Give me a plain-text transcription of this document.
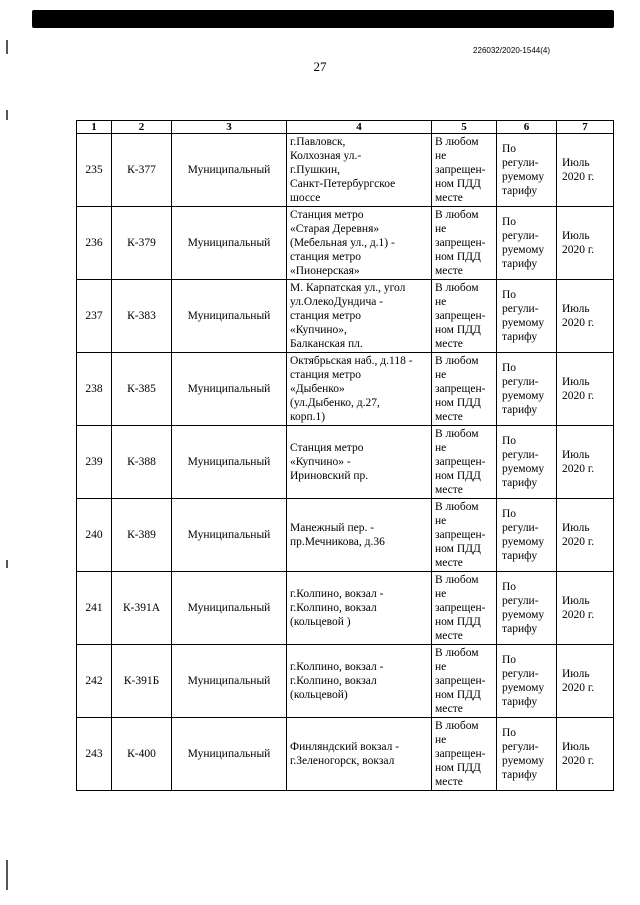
226032/2020-1544(4)
27
1	2	3	4	5	6	7
235	К-377	Муниципальный	г.Павловск,
Колхозная ул.-
г.Пушкин,
Санкт-Петербургское
шоссе	В любом
не
запрещен-
ном ПДД
месте	По
регули-
руемому
тарифу	Июль
2020 г.
236	К-379	Муниципальный	Станция метро
«Старая Деревня»
(Мебельная ул., д.1) -
станция метро
«Пионерская»	В любом
не
запрещен-
ном ПДД
месте	По
регули-
руемому
тарифу	Июль
2020 г.
237	К-383	Муниципальный	М. Карпатская ул., угол
ул.ОлекоДундича -
станция метро
«Купчино»,
Балканская пл.	В любом
не
запрещен-
ном ПДД
месте	По
регули-
руемому
тарифу	Июль
2020 г.
238	К-385	Муниципальный	Октябрьская наб., д.118 -
станция метро
«Дыбенко»
(ул.Дыбенко, д.27,
корп.1)	В любом
не
запрещен-
ном ПДД
месте	По
регули-
руемому
тарифу	Июль
2020 г.
239	К-388	Муниципальный	Станция метро
«Купчино» -
Ириновский пр.	В любом
не
запрещен-
ном ПДД
месте	По
регули-
руемому
тарифу	Июль
2020 г.
240	К-389	Муниципальный	Манежный пер. -
пр.Мечникова, д.36	В любом
не
запрещен-
ном ПДД
месте	По
регули-
руемому
тарифу	Июль
2020 г.
241	К-391А	Муниципальный	г.Колпино, вокзал -
г.Колпино, вокзал
(кольцевой )	В любом
не
запрещен-
ном ПДД
месте	По
регули-
руемому
тарифу	Июль
2020 г.
242	К-391Б	Муниципальный	г.Колпино, вокзал -
г.Колпино, вокзал
(кольцевой)	В любом
не
запрещен-
ном ПДД
месте	По
регули-
руемому
тарифу	Июль
2020 г.
243	К-400	Муниципальный	Финляндский вокзал -
г.Зеленогорск, вокзал	В любом
не
запрещен-
ном ПДД
месте	По
регули-
руемому
тарифу	Июль
2020 г.
